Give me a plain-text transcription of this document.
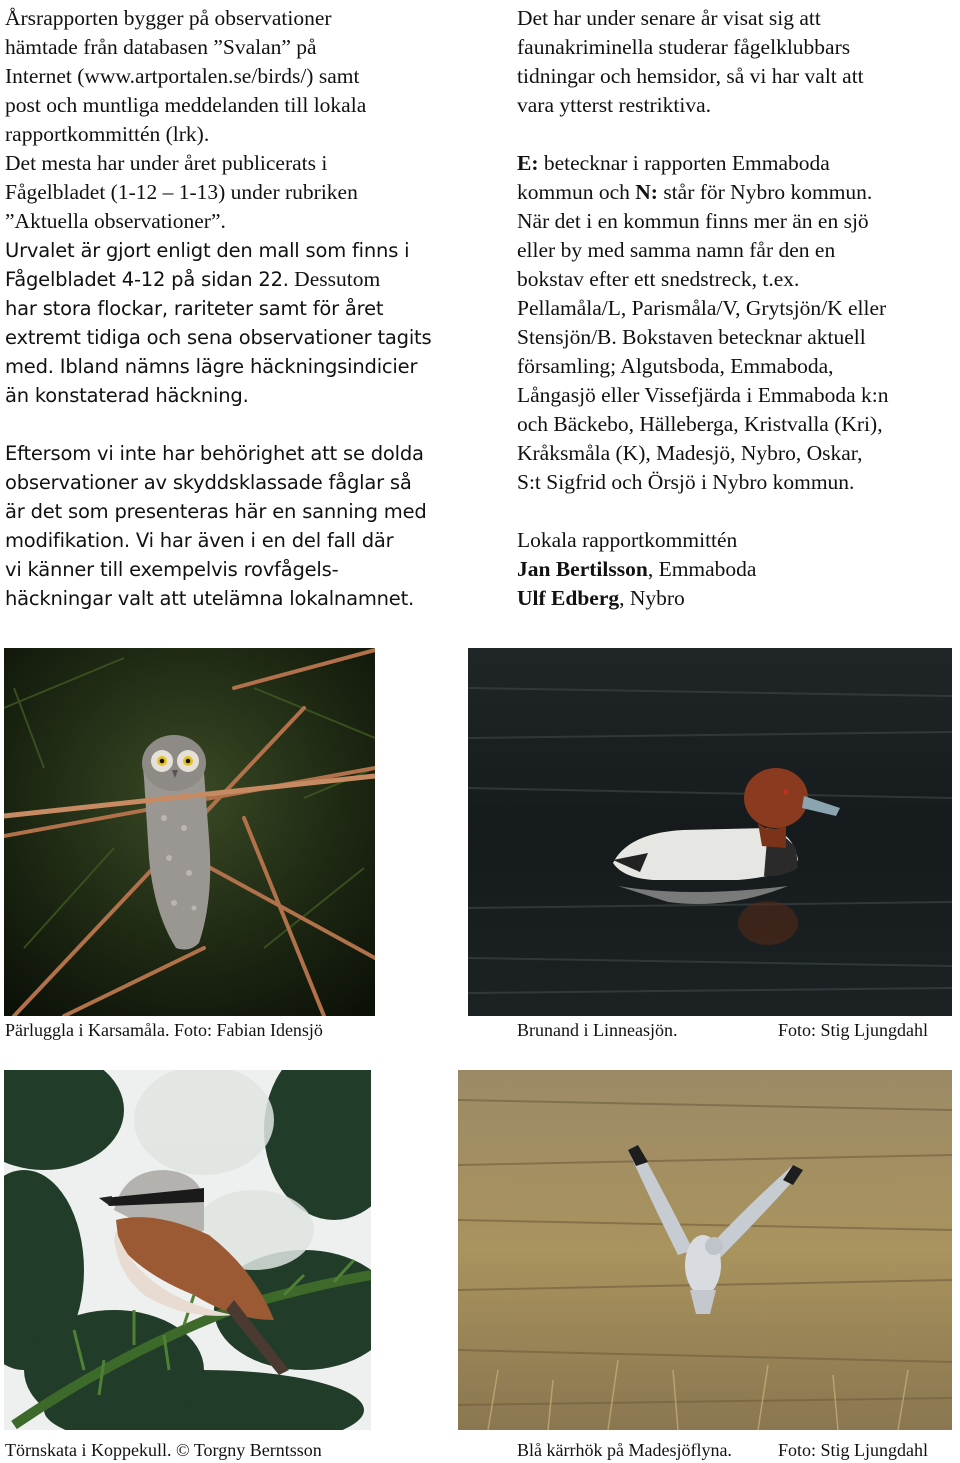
Årsrapporten bygger på observationer

hämtade från databasen ”Svalan” på

Internet (www.artportalen.se/birds/) samt

post och muntliga meddelanden till lokala

rapportkommittén (lrk).

Det mesta har under året publicerats i

Fågelbladet (1-12 – 1-13) under rubriken

”Aktuella observationer”.

Urvalet är gjort enligt den mall som finns i

Fågelbladet 4-12 på sidan 22. Dessutom

har stora flockar, rariteter samt för året

extremt tidiga och sena observationer tagits

med. Ibland nämns lägre häckningsindicier

än konstaterad häckning.

Eftersom vi inte har behörighet att se dolda

observationer av skyddsklassade fåglar så

är det som presenteras här en sanning med

modifikation. Vi har även i en del fall där

vi känner till exempelvis rovfågels-

häckningar valt att utelämna lokalnamnet.

Det har under senare år visat sig att

faunakriminella studerar fågelklubbars

tidningar och hemsidor, så vi har valt att

vara ytterst restriktiva.

E: betecknar i rapporten Emmaboda

kommun och N: står för Nybro kommun.

När det i en kommun finns mer än en sjö

eller by med samma namn får den en

bokstav efter ett snedstreck, t.ex.

Pellamåla/L, Parismåla/V, Grytsjön/K eller

Stensjön/B. Bokstaven betecknar aktuell

församling; Algutsboda, Emmaboda,

Långasjö eller Vissefjärda i Emmaboda k:n

och Bäckebo, Hälleberga, Kristvalla (Kri),

Kråksmåla (K), Madesjö, Nybro, Oskar,

S:t Sigfrid och Örsjö i Nybro kommun.

Lokala rapportkommittén

Jan Bertilsson, Emmaboda

Ulf Edberg, Nybro

Pärluggla i Karsamåla. Foto: Fabian Idensjö	Brunand i Linneasjön.	Foto: Stig Ljungdahl
Törnskata i Koppekull. © Torgny Berntsson	Blå kärrhök på Madesjöflyna.	Foto: Stig Ljungdahl
